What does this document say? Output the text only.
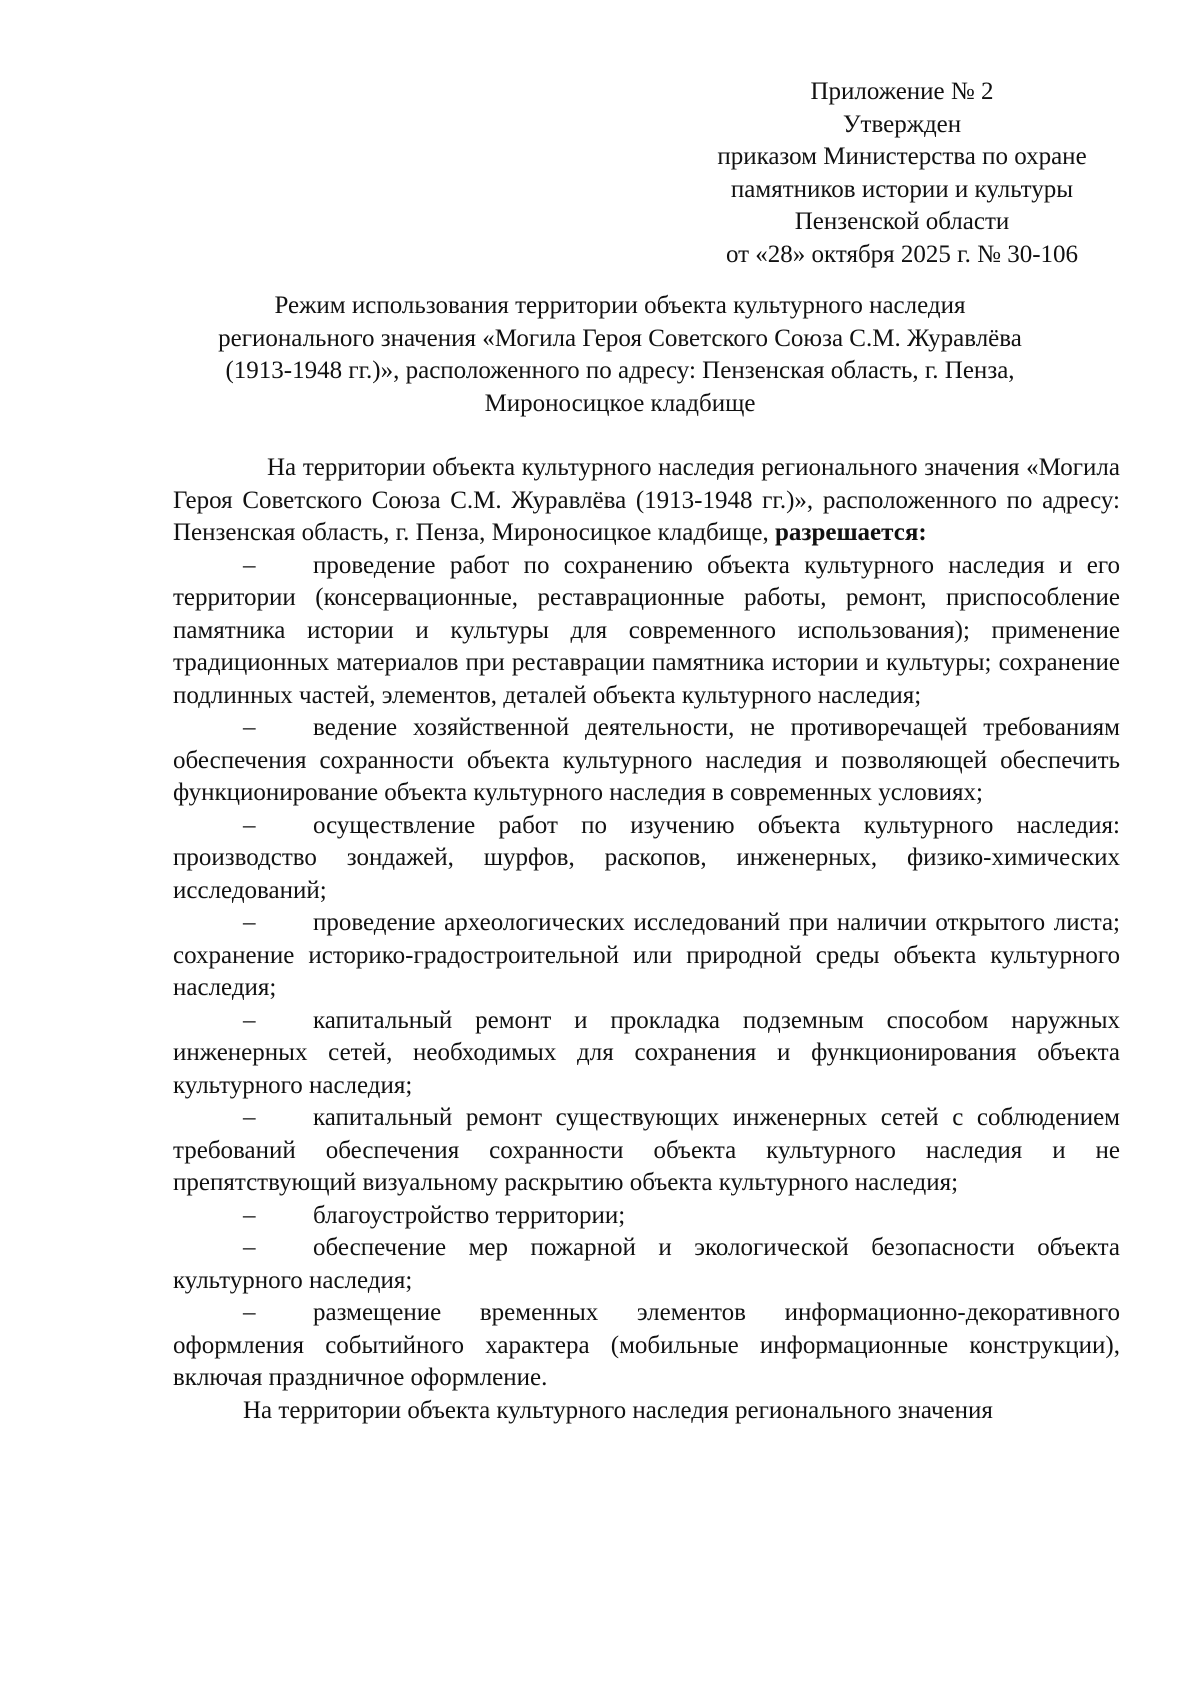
Приложение № 2
Утвержден
приказом Министерства по охране
памятников истории и культуры
Пензенской области
от «28» октября 2025 г. № 30-106
Режим использования территории объекта культурного наследия
регионального значения «Могила Героя Советского Союза С.М. Журавлёва
(1913-1948 гг.)», расположенного по адресу: Пензенская область, г. Пенза,
Мироносицкое кладбище

На территории объекта культурного наследия регионального значения «Могила Героя Советского Союза С.М. Журавлёва (1913-1948 гг.)», расположенного по адресу: Пензенская область, г. Пенза, Мироносицкое кладбище, разрешается:

– проведение работ по сохранению объекта культурного наследия и его территории (консервационные, реставрационные работы, ремонт, приспособление памятника истории и культуры для современного использования); применение традиционных материалов при реставрации памятника истории и культуры; сохранение подлинных частей, элементов, деталей объекта культурного наследия;

– ведение хозяйственной деятельности, не противоречащей требованиям обеспечения сохранности объекта культурного наследия и позволяющей обеспечить функционирование объекта культурного наследия в современных условиях;

– осуществление работ по изучению объекта культурного наследия: производство зондажей, шурфов, раскопов, инженерных, физико-химических исследований;

– проведение археологических исследований при наличии открытого листа; сохранение историко-градостроительной или природной среды объекта культурного наследия;

– капитальный ремонт и прокладка подземным способом наружных инженерных сетей, необходимых для сохранения и функционирования объекта культурного наследия;

– капитальный ремонт существующих инженерных сетей с соблюдением требований обеспечения сохранности объекта культурного наследия и не препятствующий визуальному раскрытию объекта культурного наследия;

– благоустройство территории;

– обеспечение мер пожарной и экологической безопасности объекта культурного наследия;

– размещение временных элементов информационно-декоративного оформления событийного характера (мобильные информационные конструкции), включая праздничное оформление.

На территории объекта культурного наследия регионального значения
